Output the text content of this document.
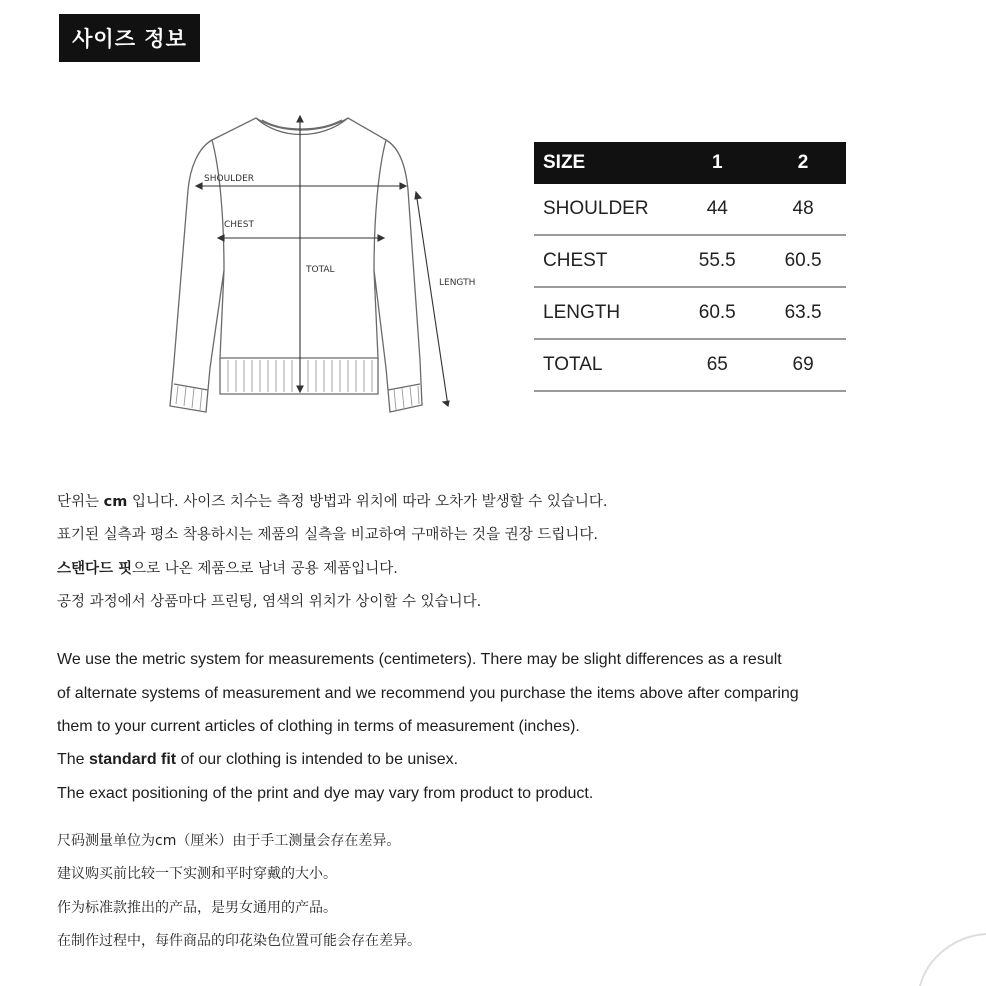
사이즈 정보
SHOULDER
CHEST
TOTAL
LENGTH
SIZE	1	2
SHOULDER	44	48
CHEST	55.5	60.5
LENGTH	60.5	63.5
TOTAL	65	69
단위는 cm 입니다. 사이즈 치수는 측정 방법과 위치에 따라 오차가 발생할 수 있습니다.
표기된 실측과 평소 착용하시는 제품의 실측을 비교하여 구매하는 것을 권장 드립니다.
스탠다드 핏으로 나온 제품으로 남녀 공용 제품입니다.
공정 과정에서 상품마다 프린팅, 염색의 위치가 상이할 수 있습니다.
We use the metric system for measurements (centimeters). There may be slight differences as a result
of alternate systems of measurement and we recommend you purchase the items above after comparing
them to your current articles of clothing in terms of measurement (inches).
The standard fit of our clothing is intended to be unisex.
The exact positioning of the print and dye may vary from product to product.
尺码测量单位为cm（厘米）由于手工测量会存在差异。
建议购买前比较一下实测和平时穿戴的大小。
作为标准款推出的产品，是男女通用的产品。
在制作过程中，每件商品的印花染色位置可能会存在差异。
